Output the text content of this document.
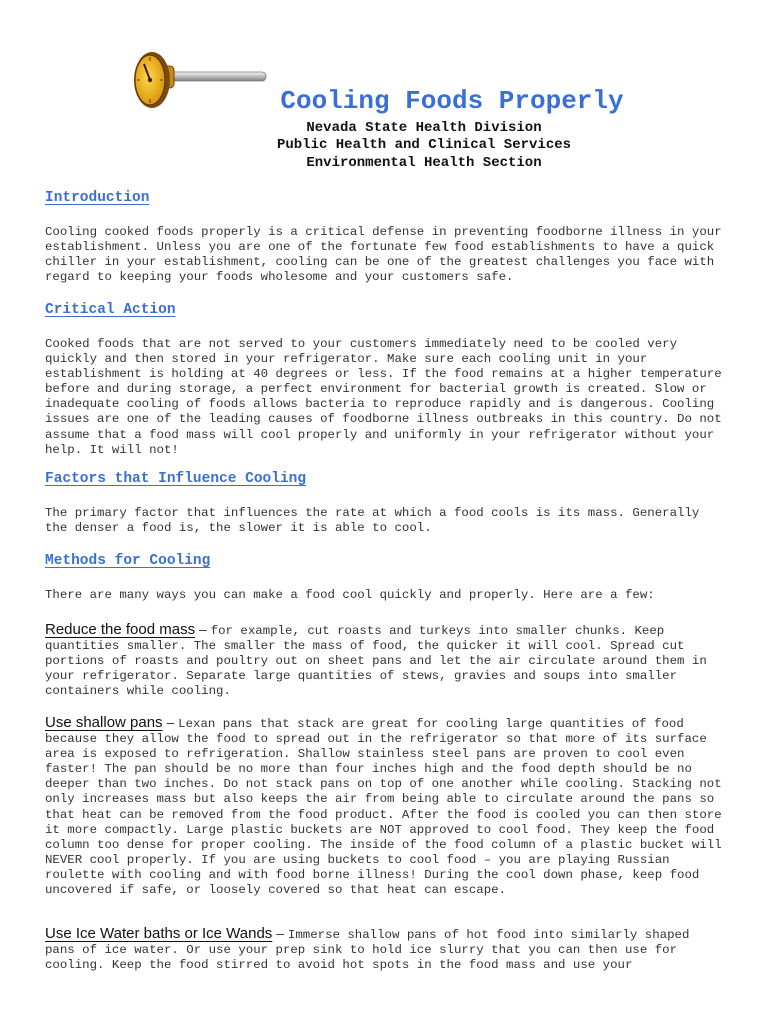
Cooling Foods Properly
Nevada State Health Division
Public Health and Clinical Services
Environmental Health Section
Introduction

Cooling cooked foods properly is a critical defense in preventing foodborne illness in your establishment. Unless you are one of the fortunate few food establishments to have a quick chiller in your establishment, cooling can be one of the greatest challenges you face with regard to keeping your foods wholesome and your customers safe.

Critical Action

Cooked foods that are not served to your customers immediately need to be cooled very quickly and then stored in your refrigerator. Make sure each cooling unit in your establishment is holding at 40 degrees or less. If the food remains at a higher temperature before and during storage, a perfect environment for bacterial growth is created. Slow or inadequate cooling of foods allows bacteria to reproduce rapidly and is dangerous. Cooling issues are one of the leading causes of foodborne illness outbreaks in this country. Do not assume that a food mass will cool properly and uniformly in your refrigerator without your help. It will not!

Factors that Influence Cooling

The primary factor that influences the rate at which a food cools is its mass. Generally the denser a food is, the slower it is able to cool.

Methods for Cooling

There are many ways you can make a food cool quickly and properly. Here are a few:

Reduce the food mass – for example, cut roasts and turkeys into smaller chunks. Keep quantities smaller. The smaller the mass of food, the quicker it will cool. Spread cut portions of roasts and poultry out on sheet pans and let the air circulate around them in your refrigerator. Separate large quantities of stews, gravies and soups into smaller containers while cooling.

Use shallow pans – Lexan pans that stack are great for cooling large quantities of food because they allow the food to spread out in the refrigerator so that more of its surface area is exposed to refrigeration. Shallow stainless steel pans are proven to cool even faster! The pan should be no more than four inches high and the food depth should be no deeper than two inches. Do not stack pans on top of one another while cooling. Stacking not only increases mass but also keeps the air from being able to circulate around the pans so that heat can be removed from the food product. After the food is cooled you can then store it more compactly. Large plastic buckets are NOT approved to cool food. They keep the food column too dense for proper cooling. The inside of the food column of a plastic bucket will NEVER cool properly. If you are using buckets to cool food – you are playing Russian roulette with cooling and with food borne illness! During the cool down phase, keep food uncovered if safe, or loosely covered so that heat can escape.

Use Ice Water baths or Ice Wands – Immerse shallow pans of hot food into similarly shaped pans of ice water. Or use your prep sink to hold ice slurry that you can then use for cooling. Keep the food stirred to avoid hot spots in the food mass and use your
